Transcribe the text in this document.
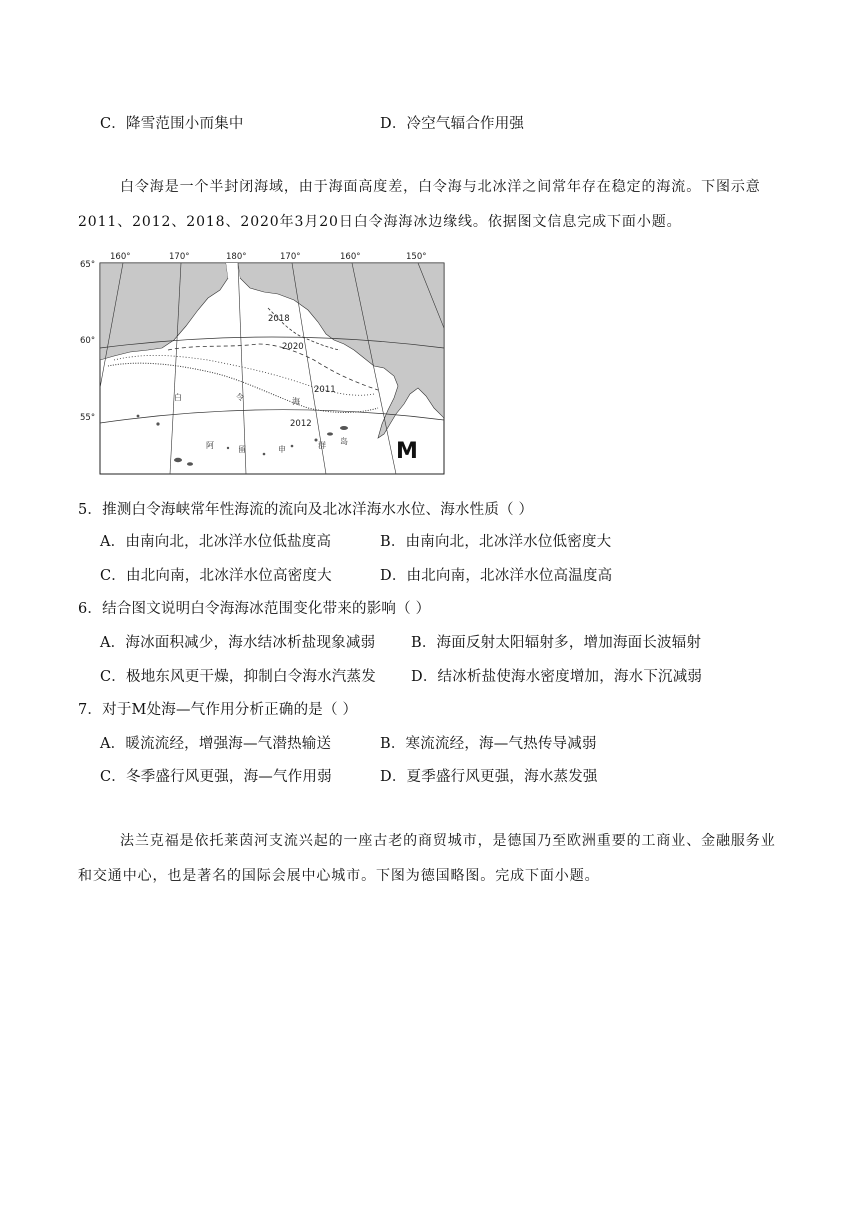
C．降雪范围小而集中	D．冷空气辐合作用强
白令海是一个半封闭海域，由于海面高度差，白令海与北冰洋之间常年存在稳定的海流。下图示意2011、2012、2018、2020年3月20日白令海海冰边缘线。依据图文信息完成下面小题。
65°
60°
55°
160°	170°	180°	170°	160°	150°
2018
2020
2011
2012
白	令	海
阿	留	申	群 岛 M
5．推测白令海峡常年性海流的流向及北冰洋海水水位、海水性质（ ）
A．由南向北，北冰洋水位低盐度高	B．由南向北，北冰洋水位低密度大
C．由北向南，北冰洋水位高密度大	D．由北向南，北冰洋水位高温度高
6．结合图文说明白令海海冰范围变化带来的影响（ ）
A．海冰面积减少，海水结冰析盐现象减弱 B．海面反射太阳辐射多，增加海面长波辐射
C．极地东风更干燥，抑制白令海水汽蒸发 D．结冰析盐使海水密度增加，海水下沉减弱
7．对于M处海—气作用分析正确的是（ ）
A．暖流流经，增强海—气潜热输送	B．寒流流经，海—气热传导减弱
C．冬季盛行风更强，海—气作用弱	D．夏季盛行风更强，海水蒸发强
法兰克福是依托莱茵河支流兴起的一座古老的商贸城市，是德国乃至欧洲重要的工商业、金融服务业和交通中心，也是著名的国际会展中心城市。下图为德国略图。完成下面小题。
